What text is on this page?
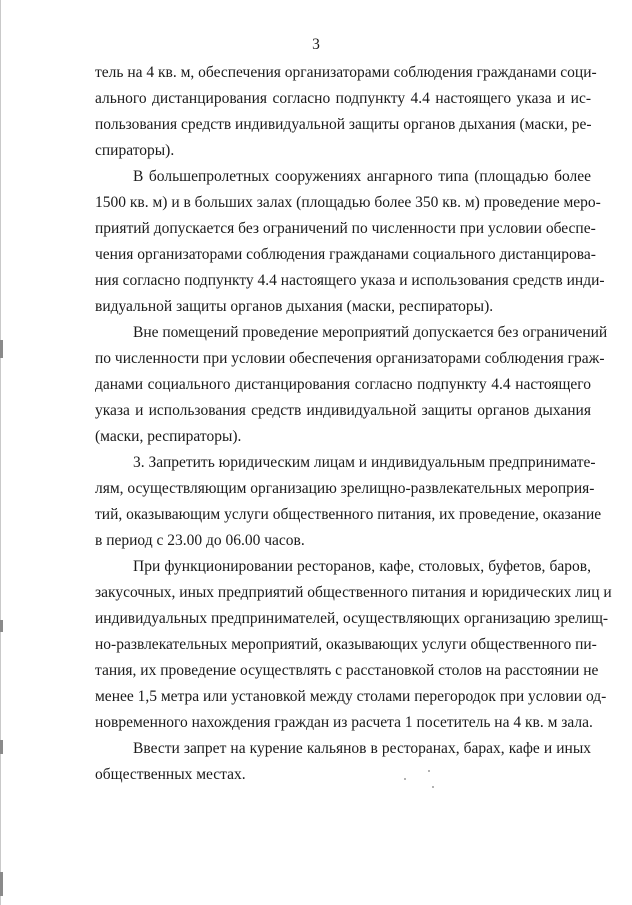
3
тель на 4 кв. м, обеспечения организаторами соблюдения гражданами соци-
ального дистанцирования согласно подпункту 4.4 настоящего указа и ис-
пользования средств индивидуальной защиты органов дыхания (маски, ре-
спираторы).
В большепролетных сооружениях ангарного типа (площадью более
1500 кв. м) и в больших залах (площадью более 350 кв. м) проведение меро-
приятий допускается без ограничений по численности при условии обеспе-
чения организаторами соблюдения гражданами социального дистанцирова-
ния согласно подпункту 4.4 настоящего указа и использования средств инди-
видуальной защиты органов дыхания (маски, респираторы).
Вне помещений проведение мероприятий допускается без ограничений
по численности при условии обеспечения организаторами соблюдения граж-
данами социального дистанцирования согласно подпункту 4.4 настоящего
указа и использования средств индивидуальной защиты органов дыхания
(маски, респираторы).
3. Запретить юридическим лицам и индивидуальным предпринимате-
лям, осуществляющим организацию зрелищно-развлекательных мероприя-
тий, оказывающим услуги общественного питания, их проведение, оказание
в период с 23.00 до 06.00 часов.
При функционировании ресторанов, кафе, столовых, буфетов, баров,
закусочных, иных предприятий общественного питания и юридических лиц и
индивидуальных предпринимателей, осуществляющих организацию зрелищ-
но-развлекательных мероприятий, оказывающих услуги общественного пи-
тания, их проведение осуществлять с расстановкой столов на расстоянии не
менее 1,5 метра или установкой между столами перегородок при условии од-
новременного нахождения граждан из расчета 1 посетитель на 4 кв. м зала.
Ввести запрет на курение кальянов в ресторанах, барах, кафе и иных
общественных местах.
